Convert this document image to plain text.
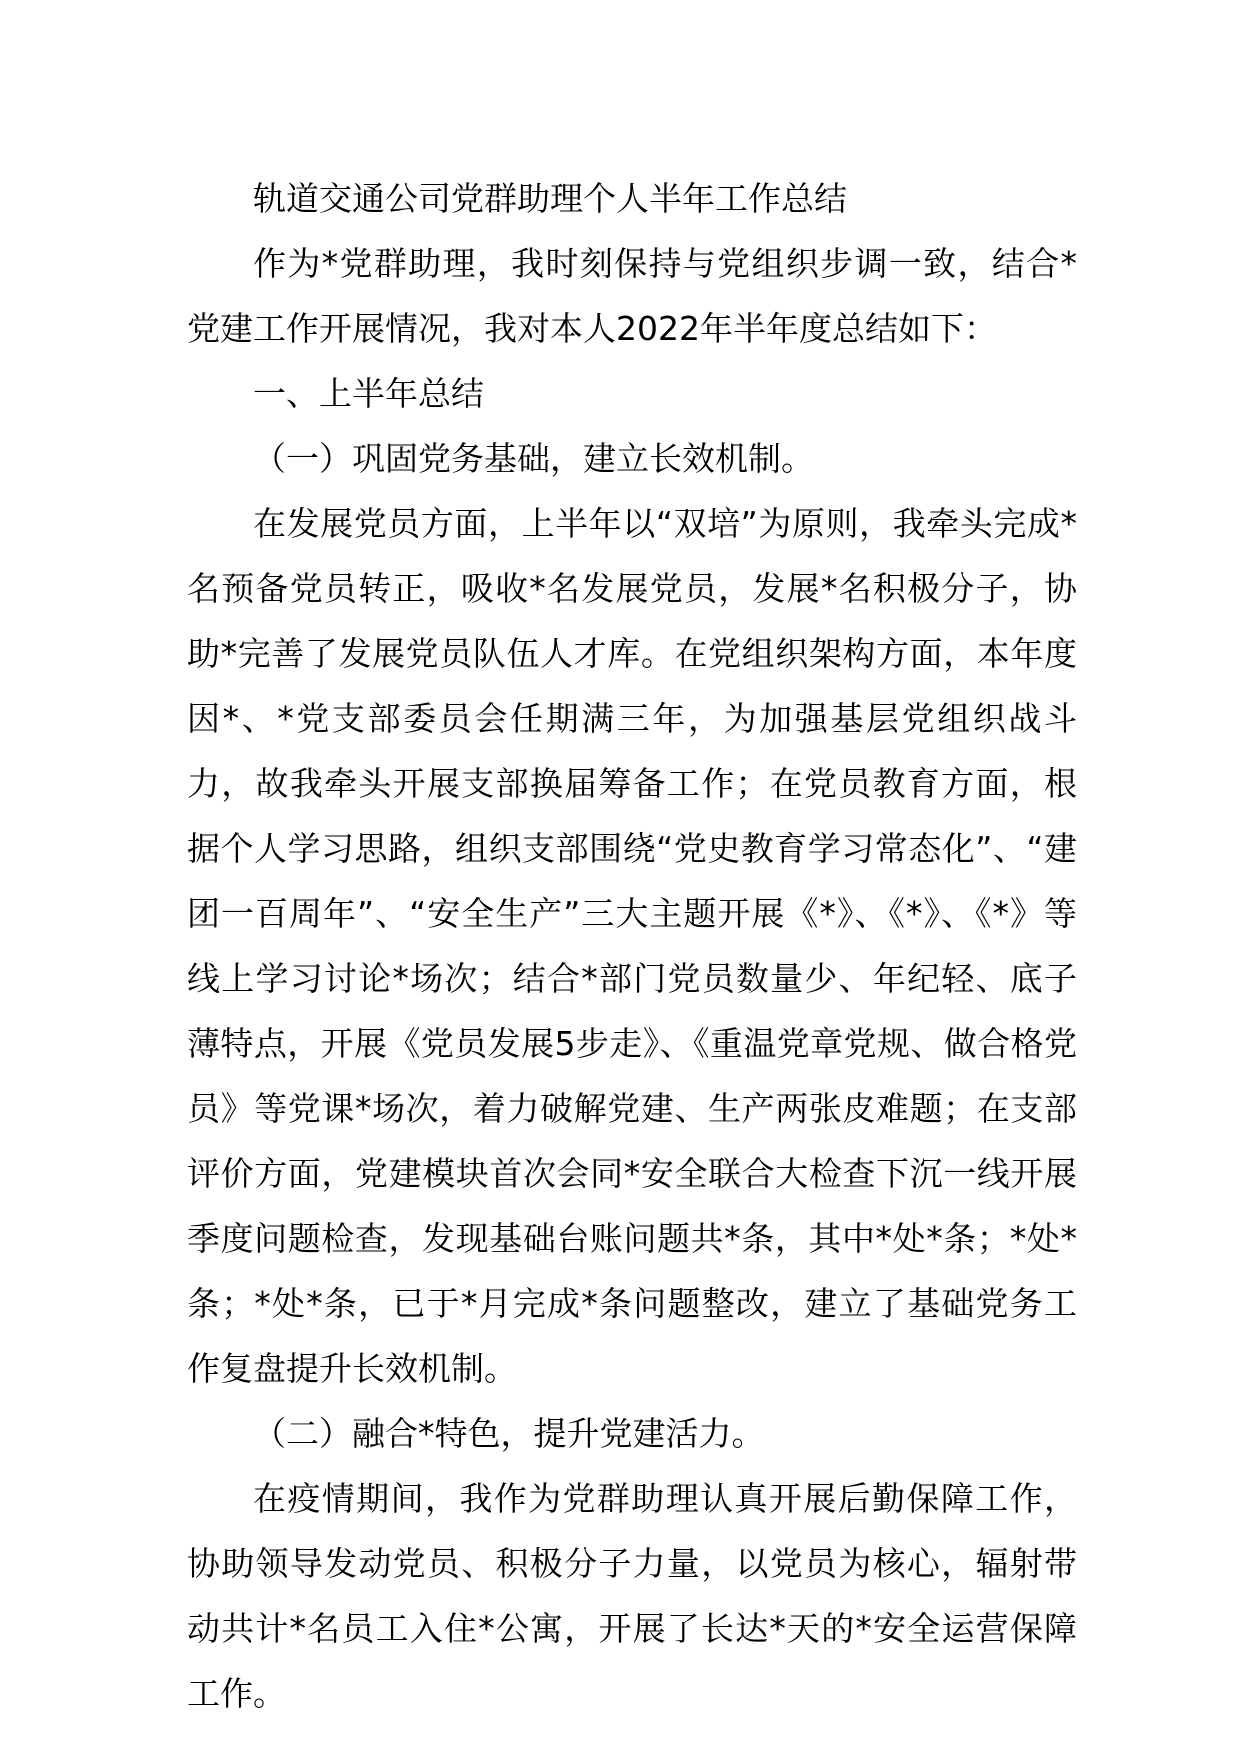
轨道交通公司党群助理个人半年工作总结

作为*党群助理，我时刻保持与党组织步调一致，结合*党建工作开展情况，我对本人2022年半年度总结如下：

一、上半年总结

（一）巩固党务基础，建立长效机制。

在发展党员方面，上半年以“双培”为原则，我牵头完成*名预备党员转正，吸收*名发展党员，发展*名积极分子，协助*完善了发展党员队伍人才库。在党组织架构方面，本年度因*、*党支部委员会任期满三年，为加强基层党组织战斗力，故我牵头开展支部换届筹备工作；在党员教育方面，根据个人学习思路，组织支部围绕“党史教育学习常态化”、“建团一百周年”、“安全生产”三大主题开展《*》、《*》、《*》等线上学习讨论*场次；结合*部门党员数量少、年纪轻、底子薄特点，开展《党员发展5步走》、《重温党章党规、做合格党员》等党课*场次，着力破解党建、生产两张皮难题；在支部评价方面，党建模块首次会同*安全联合大检查下沉一线开展季度问题检查，发现基础台账问题共*条，其中*处*条；*处*条；*处*条，已于*月完成*条问题整改，建立了基础党务工作复盘提升长效机制。

（二）融合*特色，提升党建活力。

在疫情期间，我作为党群助理认真开展后勤保障工作，协助领导发动党员、积极分子力量，以党员为核心，辐射带动共计*名员工入住*公寓，开展了长达*天的*安全运营保障工作。
